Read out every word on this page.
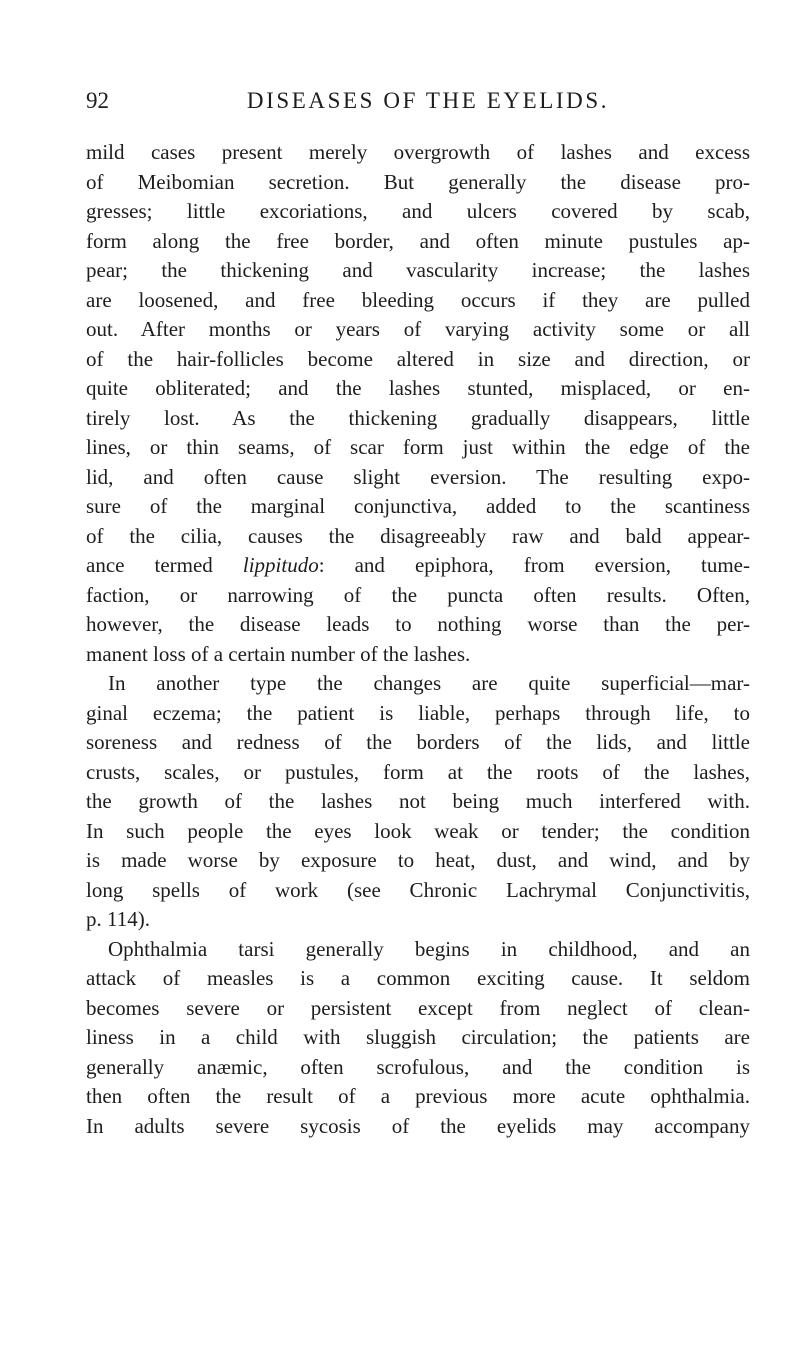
92	DISEASES OF THE EYELIDS.

mild cases present merely overgrowth of lashes and excess
of Meibomian secretion. But generally the disease pro-
gresses; little excoriations, and ulcers covered by scab,
form along the free border, and often minute pustules ap-
pear; the thickening and vascularity increase; the lashes
are loosened, and free bleeding occurs if they are pulled
out. After months or years of varying activity some or all
of the hair-follicles become altered in size and direction, or
quite obliterated; and the lashes stunted, misplaced, or en-
tirely lost. As the thickening gradually disappears, little
lines, or thin seams, of scar form just within the edge of the
lid, and often cause slight eversion. The resulting expo-
sure of the marginal conjunctiva, added to the scantiness
of the cilia, causes the disagreeably raw and bald appear-
ance termed lippitudo: and epiphora, from eversion, tume-
faction, or narrowing of the puncta often results. Often,
however, the disease leads to nothing worse than the per-
manent loss of a certain number of the lashes.

In another type the changes are quite superficial—mar-
ginal eczema; the patient is liable, perhaps through life, to
soreness and redness of the borders of the lids, and little
crusts, scales, or pustules, form at the roots of the lashes,
the growth of the lashes not being much interfered with.
In such people the eyes look weak or tender; the condition
is made worse by exposure to heat, dust, and wind, and by
long spells of work (see Chronic Lachrymal Conjunctivitis,
p. 114).

Ophthalmia tarsi generally begins in childhood, and an
attack of measles is a common exciting cause. It seldom
becomes severe or persistent except from neglect of clean-
liness in a child with sluggish circulation; the patients are
generally anæmic, often scrofulous, and the condition is
then often the result of a previous more acute ophthalmia.
In adults severe sycosis of the eyelids may accompany
